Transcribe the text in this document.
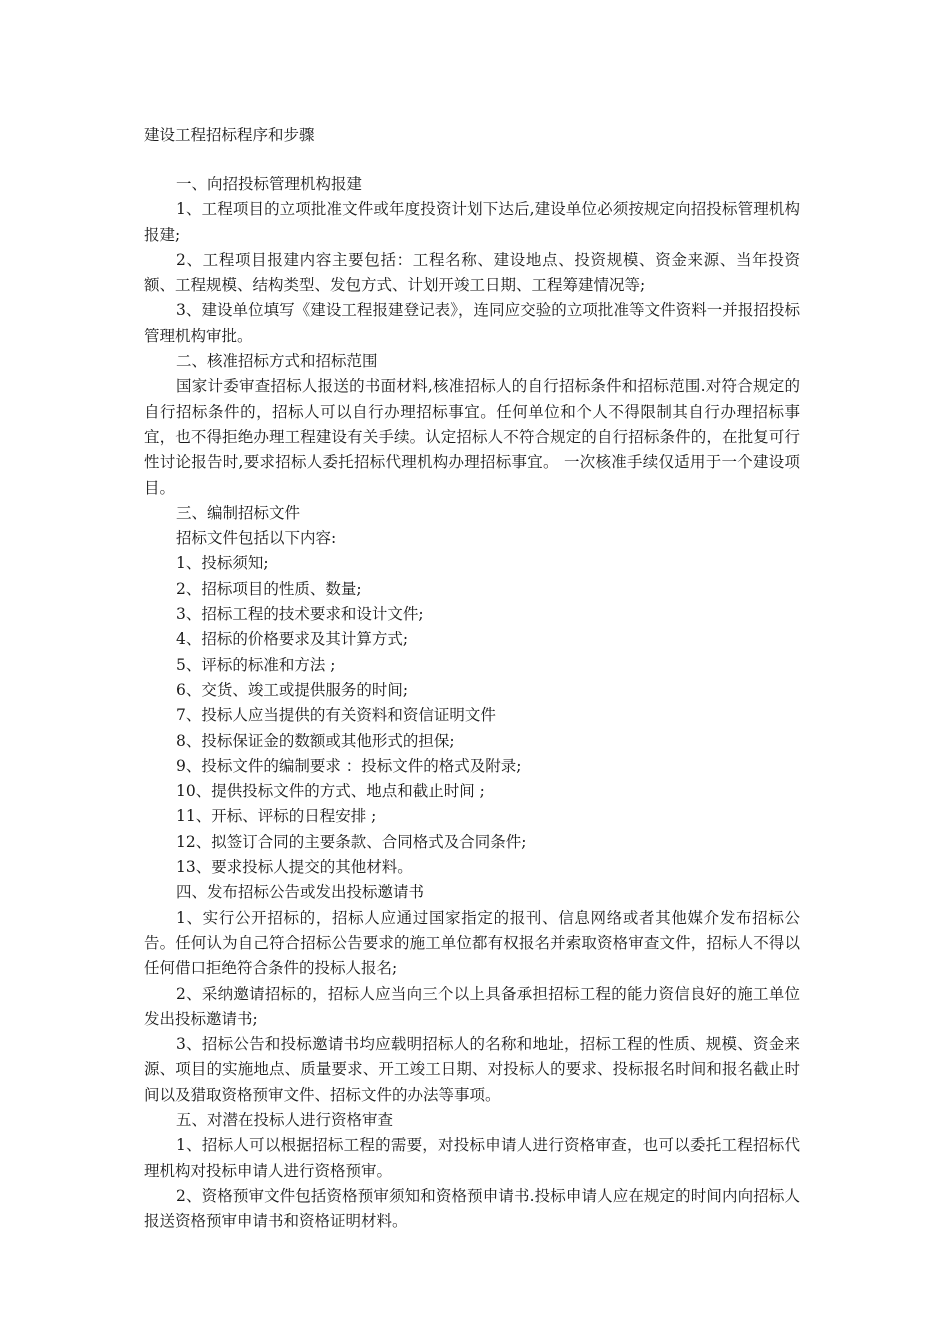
建设工程招标程序和步骤

一、向招投标管理机构报建

1、工程项目的立项批准文件或年度投资计划下达后,建设单位必须按规定向招投标管理机构报建;

2、工程项目报建内容主要包括：工程名称、建设地点、投资规模、资金来源、当年投资额、工程规模、结构类型、发包方式、计划开竣工日期、工程筹建情况等;

3、建设单位填写《建设工程报建登记表》，连同应交验的立项批准等文件资料一并报招投标管理机构审批。

二、核准招标方式和招标范围

国家计委审查招标人报送的书面材料,核准招标人的自行招标条件和招标范围.对符合规定的自行招标条件的，招标人可以自行办理招标事宜。任何单位和个人不得限制其自行办理招标事宜，也不得拒绝办理工程建设有关手续。认定招标人不符合规定的自行招标条件的，在批复可行性讨论报告时,要求招标人委托招标代理机构办理招标事宜。 一次核准手续仅适用于一个建设项目。

三、编制招标文件

招标文件包括以下内容:

1、投标须知;

2、招标项目的性质、数量;

3、招标工程的技术要求和设计文件;

4、招标的价格要求及其计算方式;

5、评标的标准和方法 ;

6、交货、竣工或提供服务的时间;

7、投标人应当提供的有关资料和资信证明文件

8、投标保证金的数额或其他形式的担保;

9、投标文件的编制要求 ：投标文件的格式及附录;

10、提供投标文件的方式、地点和截止时间 ;

11、开标、评标的日程安排 ;

12、拟签订合同的主要条款、合同格式及合同条件;

13、要求投标人提交的其他材料。

四、发布招标公告或发出投标邀请书

1、实行公开招标的，招标人应通过国家指定的报刊、信息网络或者其他媒介发布招标公告。任何认为自己符合招标公告要求的施工单位都有权报名并索取资格审查文件，招标人不得以任何借口拒绝符合条件的投标人报名;

2、采纳邀请招标的，招标人应当向三个以上具备承担招标工程的能力资信良好的施工单位发出投标邀请书;

3、招标公告和投标邀请书均应载明招标人的名称和地址，招标工程的性质、规模、资金来源、项目的实施地点、质量要求、开工竣工日期、对投标人的要求、投标报名时间和报名截止时间以及猎取资格预审文件、招标文件的办法等事项。

五、对潜在投标人进行资格审查

1、招标人可以根据招标工程的需要，对投标申请人进行资格审查，也可以委托工程招标代理机构对投标申请人进行资格预审。

2、资格预审文件包括资格预审须知和资格预申请书.投标申请人应在规定的时间内向招标人报送资格预审申请书和资格证明材料。
